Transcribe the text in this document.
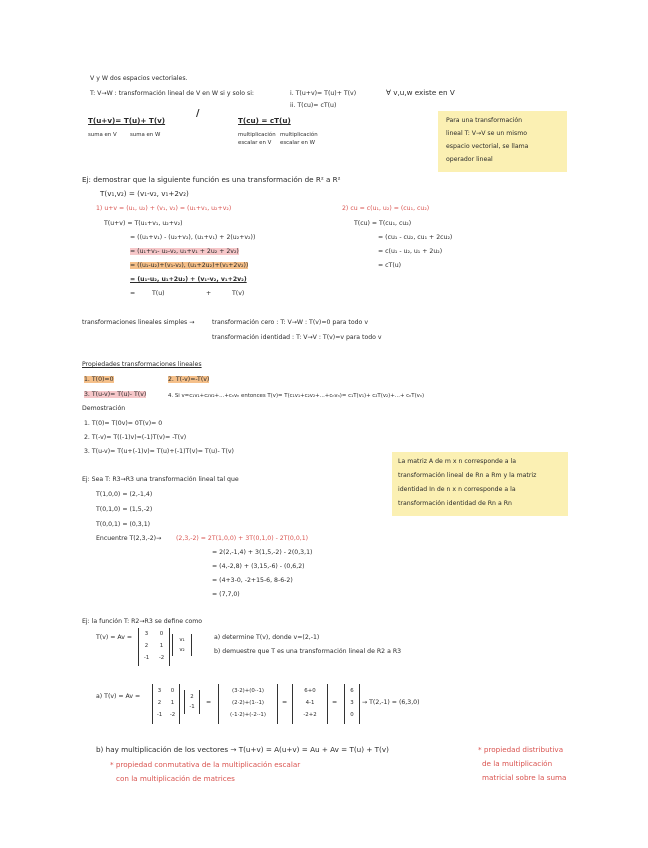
V y W dos espacios vectoriales.
T: V→W : transformación lineal de V en W si y solo si:	i. T(u+v)= T(u)+ T(v)	∀ v,u,w existe en V
ii. T(cu)= cT(u)
T(u+v)= T(u)+ T(v)
suma en V suma en W
/
T(cu) = cT(u)
multiplicación multiplicación
escalar en V escalar en W
Para una transformación
lineal T: V→V se un mismo
espacio vectorial, se llama
operador lineal
Ej: demostrar que la siguiente función es una transformación de R² a R²
T(v₁,v₂) = (v₁-v₂, v₁+2v₂)
1) u+v = (u₁, u₂) + (v₁, v₂) = (u₁+v₁, u₂+v₂)
T(u+v) = T(u₁+v₁, u₂+v₂)
= ((u₁+v₁) - (u₂+v₂), (u₁+v₁) + 2(u₂+v₂))
= (u₁+v₁- u₂-v₂, u₁+v₁ + 2u₂ + 2v₂)
= ((u₁-u₂)+(v₁-v₂), (u₁+2u₂)+(v₁+2v₂))
= (u₁-u₂, u₁+2u₂) + (v₁-v₂, v₁+2v₂)
T(u)	+	T(v)
=
2) cu = c(u₁, u₂) = (cu₁, cu₂)
T(cu) = T(cu₁, cu₂)
= (cu₁ - cu₂, cu₁ + 2cu₂)
= c(u₁ - u₂, u₁ + 2u₂)
= cT(u)
transformaciones lineales simples →	transformación cero : T: V→W : T(v)=0 para todo v
transformación identidad : T: V→V : T(v)=v para todo v
Propiedades transformaciones lineales
1. T(0)=0	2. T(-v)=-T(v)
3. T(u-v)= T(u)- T(v)	4. Si v=c₁v₁+c₂v₂+...+cₙvₙ entonces T(v)= T(c₁v₁+c₂v₂+...+cₙvₙ)= c₁T(v₁)+ c₂T(v₂)+...+ cₙT(vₙ)
Demostración
1. T(0)= T(0v)= 0T(v)= 0
2. T(-v)= T((-1)v)=(-1)T(v)= -T(v)
3. T(u-v)= T(u+(-1)v)= T(u)+(-1)T(v)= T(u)- T(v)
La matriz A de m x n corresponde a la
transformación lineal de Rn a Rm y la matriz
identidad In de n x n corresponde a la
transformación identidad de Rn a Rn
Ej: Sea T: R3→R3 una transformación lineal tal que
T(1,0,0) = (2,-1,4)
T(0,1,0) = (1,5,-2)
T(0,0,1) = (0,3,1)
Encuentre T(2,3,-2)→ (2,3,-2) = 2T(1,0,0) + 3T(0,1,0) - 2T(0,0,1)
= 2(2,-1,4) + 3(1,5,-2) - 2(0,3,1)
= (4,-2,8) + (3,15,-6) - (0,6,2)
= (4+3-0, -2+15-6, 8-6-2)
= (7,7,0)
Ej: la función T: R2→R3 se define como
T(v) = Av = 3 0
2 1
-1 -2
v₁
v₂
a) determine T(v), donde v=(2,-1)
b) demuestre que T es una transformación lineal de R2 a R3
a) T(v) = Av =
3 0
2 1
-1 -2
2
-1
=
(3·2)+(0·-1)
(2·2)+(1·-1)
(-1·2)+(-2·-1)
=
6+0
4-1
-2+2
=
6
3
0
→ T(2,-1) = (6,3,0)
b) hay multiplicación de los vectores → T(u+v) = A(u+v) = Au + Av = T(u) + T(v)
* propiedad conmutativa de la multiplicación escalar
con la multiplicación de matrices
* propiedad distributiva
de la multiplicación
matricial sobre la suma
